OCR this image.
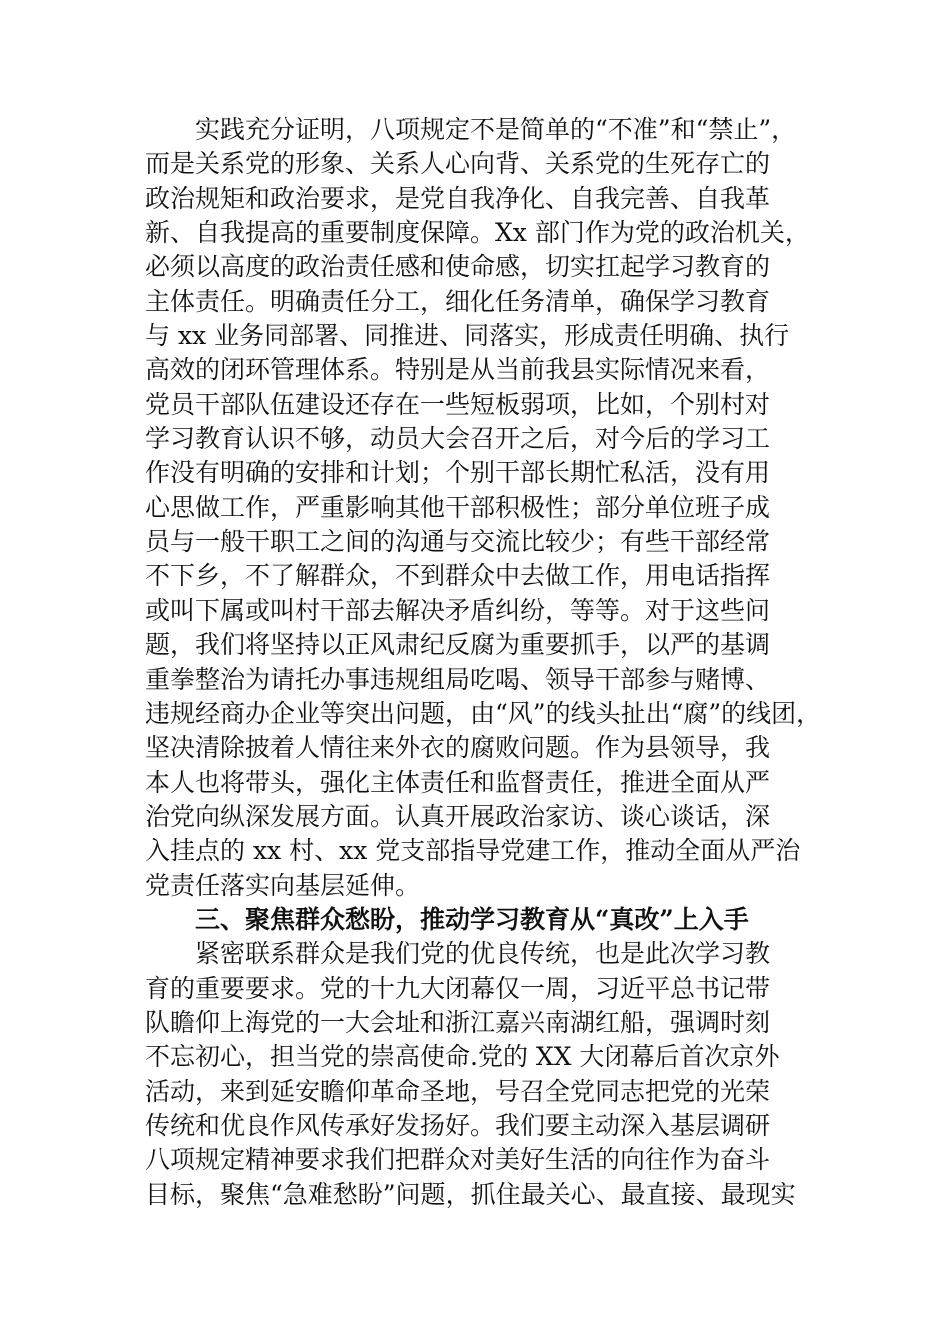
实践充分证明，八项规定不是简单的“不准”和“禁止”，
而是关系党的形象、关系人心向背、关系党的生死存亡的
政治规矩和政治要求，是党自我净化、自我完善、自我革
新、自我提高的重要制度保障。Xx 部门作为党的政治机关，
必须以高度的政治责任感和使命感，切实扛起学习教育的
主体责任。明确责任分工，细化任务清单，确保学习教育
与 xx 业务同部署、同推进、同落实，形成责任明确、执行
高效的闭环管理体系。特别是从当前我县实际情况来看，
党员干部队伍建设还存在一些短板弱项，比如，个别村对
学习教育认识不够，动员大会召开之后，对今后的学习工
作没有明确的安排和计划；个别干部长期忙私活，没有用
心思做工作，严重影响其他干部积极性；部分单位班子成
员与一般干职工之间的沟通与交流比较少；有些干部经常
不下乡，不了解群众，不到群众中去做工作，用电话指挥
或叫下属或叫村干部去解决矛盾纠纷，等等。对于这些问
题，我们将坚持以正风肃纪反腐为重要抓手，以严的基调
重拳整治为请托办事违规组局吃喝、领导干部参与赌博、
违规经商办企业等突出问题，由“风”的线头扯出“腐”的线团，
坚决清除披着人情往来外衣的腐败问题。作为县领导，我
本人也将带头，强化主体责任和监督责任，推进全面从严
治党向纵深发展方面。认真开展政治家访、谈心谈话，深
入挂点的 xx 村、xx 党支部指导党建工作，推动全面从严治
党责任落实向基层延伸。
三、聚焦群众愁盼，推动学习教育从“真改”上入手
紧密联系群众是我们党的优良传统，也是此次学习教
育的重要要求。党的十九大闭幕仅一周，习近平总书记带
队瞻仰上海党的一大会址和浙江嘉兴南湖红船，强调时刻
不忘初心，担当党的崇高使命.党的 XX 大闭幕后首次京外
活动，来到延安瞻仰革命圣地，号召全党同志把党的光荣
传统和优良作风传承好发扬好。我们要主动深入基层调研
八项规定精神要求我们把群众对美好生活的向往作为奋斗
目标，聚焦“急难愁盼”问题，抓住最关心、最直接、最现实
